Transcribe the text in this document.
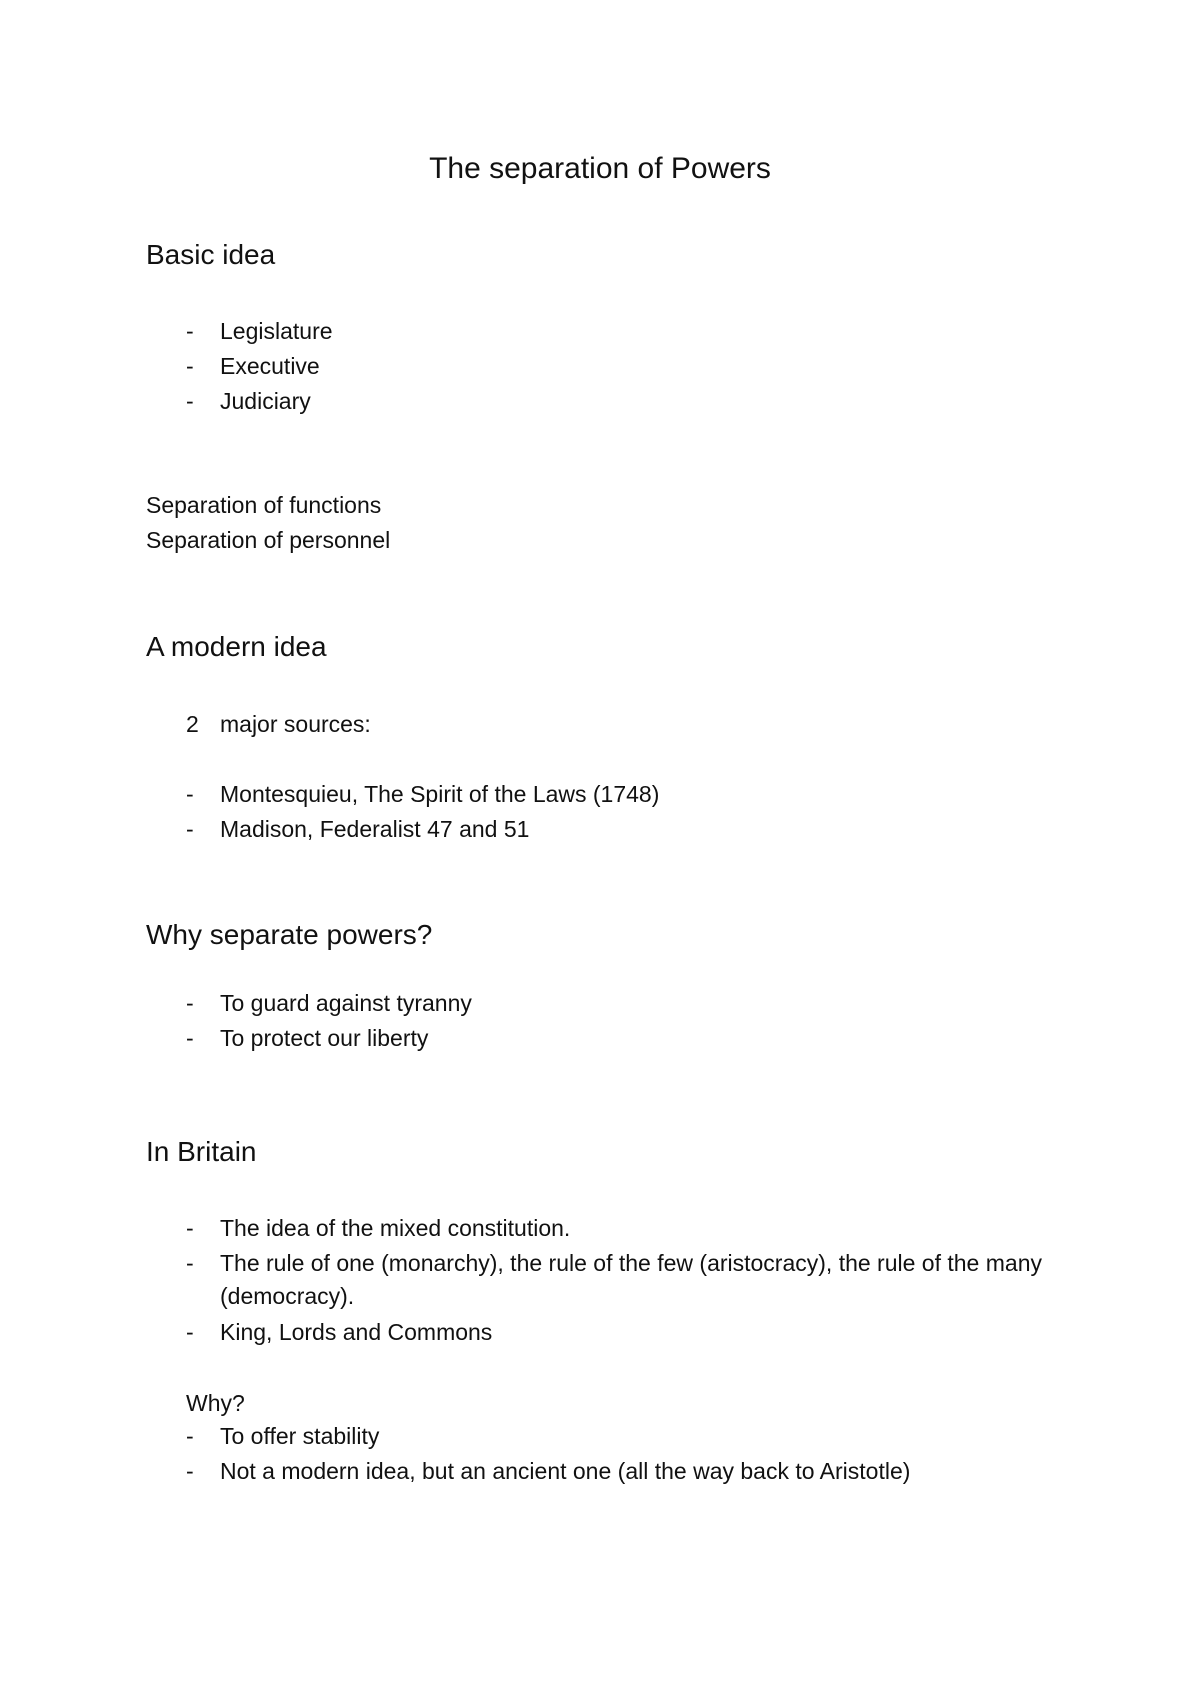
The separation of Powers
Basic idea
- Legislature
- Executive
- Judiciary
Separation of functions
Separation of personnel
A modern idea
2 major sources:
- Montesquieu, The Spirit of the Laws (1748)
- Madison, Federalist 47 and 51
Why separate powers?
- To guard against tyranny
- To protect our liberty
In Britain
- The idea of the mixed constitution.
- The rule of one (monarchy), the rule of the few (aristocracy), the rule of the many (democracy).
- King, Lords and Commons
Why?
- To offer stability
- Not a modern idea, but an ancient one (all the way back to Aristotle)
